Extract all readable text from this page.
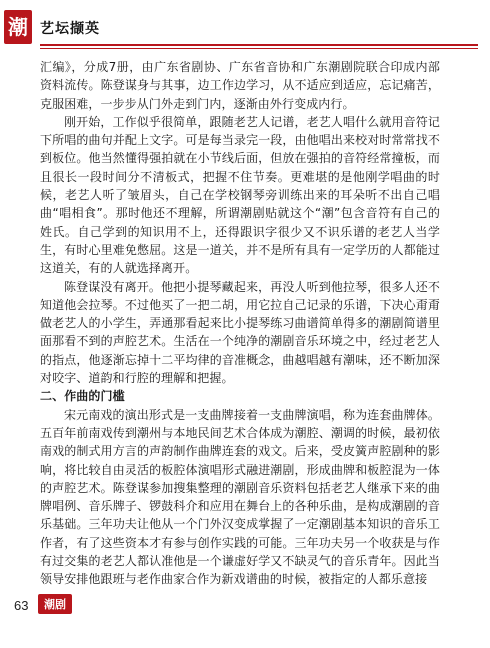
潮 艺坛撷英

汇编》，分成7册，由广东省剧协、广东省音协和广东潮剧院联合印成内部资料流传。陈登谋身与其事，边工作边学习，从不适应到适应，忘记痛苦，克服困难，一步步从门外走到门内，逐渐由外行变成内行。

刚开始，工作似乎很简单，跟随老艺人记谱，老艺人唱什么就用音符记下所唱的曲句并配上文字。可是每当录完一段，由他唱出来校对时常常找不到板位。他当然懂得强拍就在小节线后面，但放在强拍的音符经常撞板，而且很长一段时间分不清板式，把握不住节奏。更难堪的是他刚学唱曲的时候，老艺人听了皱眉头，自己在学校钢琴旁训练出来的耳朵听不出自己唱曲“唱相食”。那时他还不理解，所谓潮剧贴就这个“潮”包含音符有自己的姓氏。自己学到的知识用不上，还得跟识字很少又不识乐谱的老艺人当学生，有时心里难免憋屈。这是一道关，并不是所有具有一定学历的人都能过这道关，有的人就选择离开。

陈登谋没有离开。他把小提琴藏起来，再没人听到他拉琴，很多人还不知道他会拉琴。不过他买了一把二胡，用它拉自己记录的乐谱，下决心甭甭做老艺人的小学生，弄通那看起来比小提琴练习曲谱简单得多的潮剧简谱里面那看不到的声腔艺术。生活在一个纯净的潮剧音乐环境之中，经过老艺人的指点，他逐渐忘掉十二平均律的音准概念，曲越唱越有潮味，还不断加深对咬字、道韵和行腔的理解和把握。

二、作曲的门槛

宋元南戏的演出形式是一支曲牌接着一支曲牌演唱，称为连套曲牌体。五百年前南戏传到潮州与本地民间艺术合体成为潮腔、潮调的时候，最初依南戏的制式用方言的声韵制作曲牌连套的戏文。后来，受皮簧声腔剧种的影响，将比较自由灵活的板腔体演唱形式融进潮剧，形成曲牌和板腔混为一体的声腔艺术。陈登谋参加搜集整理的潮剧音乐资料包括老艺人继承下来的曲牌唱例、音乐牌子、锣鼓科介和应用在舞台上的各种乐曲，是构成潮剧的音乐基础。三年功夫让他从一个门外汉变成掌握了一定潮剧基本知识的音乐工作者，有了这些资本才有参与创作实践的可能。三年功夫另一个收获是与作有过交集的老艺人都认准他是一个谦虚好学又不缺灵气的音乐青年。因此当领导安排他跟班与老作曲家合作为新戏谱曲的时候，被指定的人都乐意接

63	潮剧
